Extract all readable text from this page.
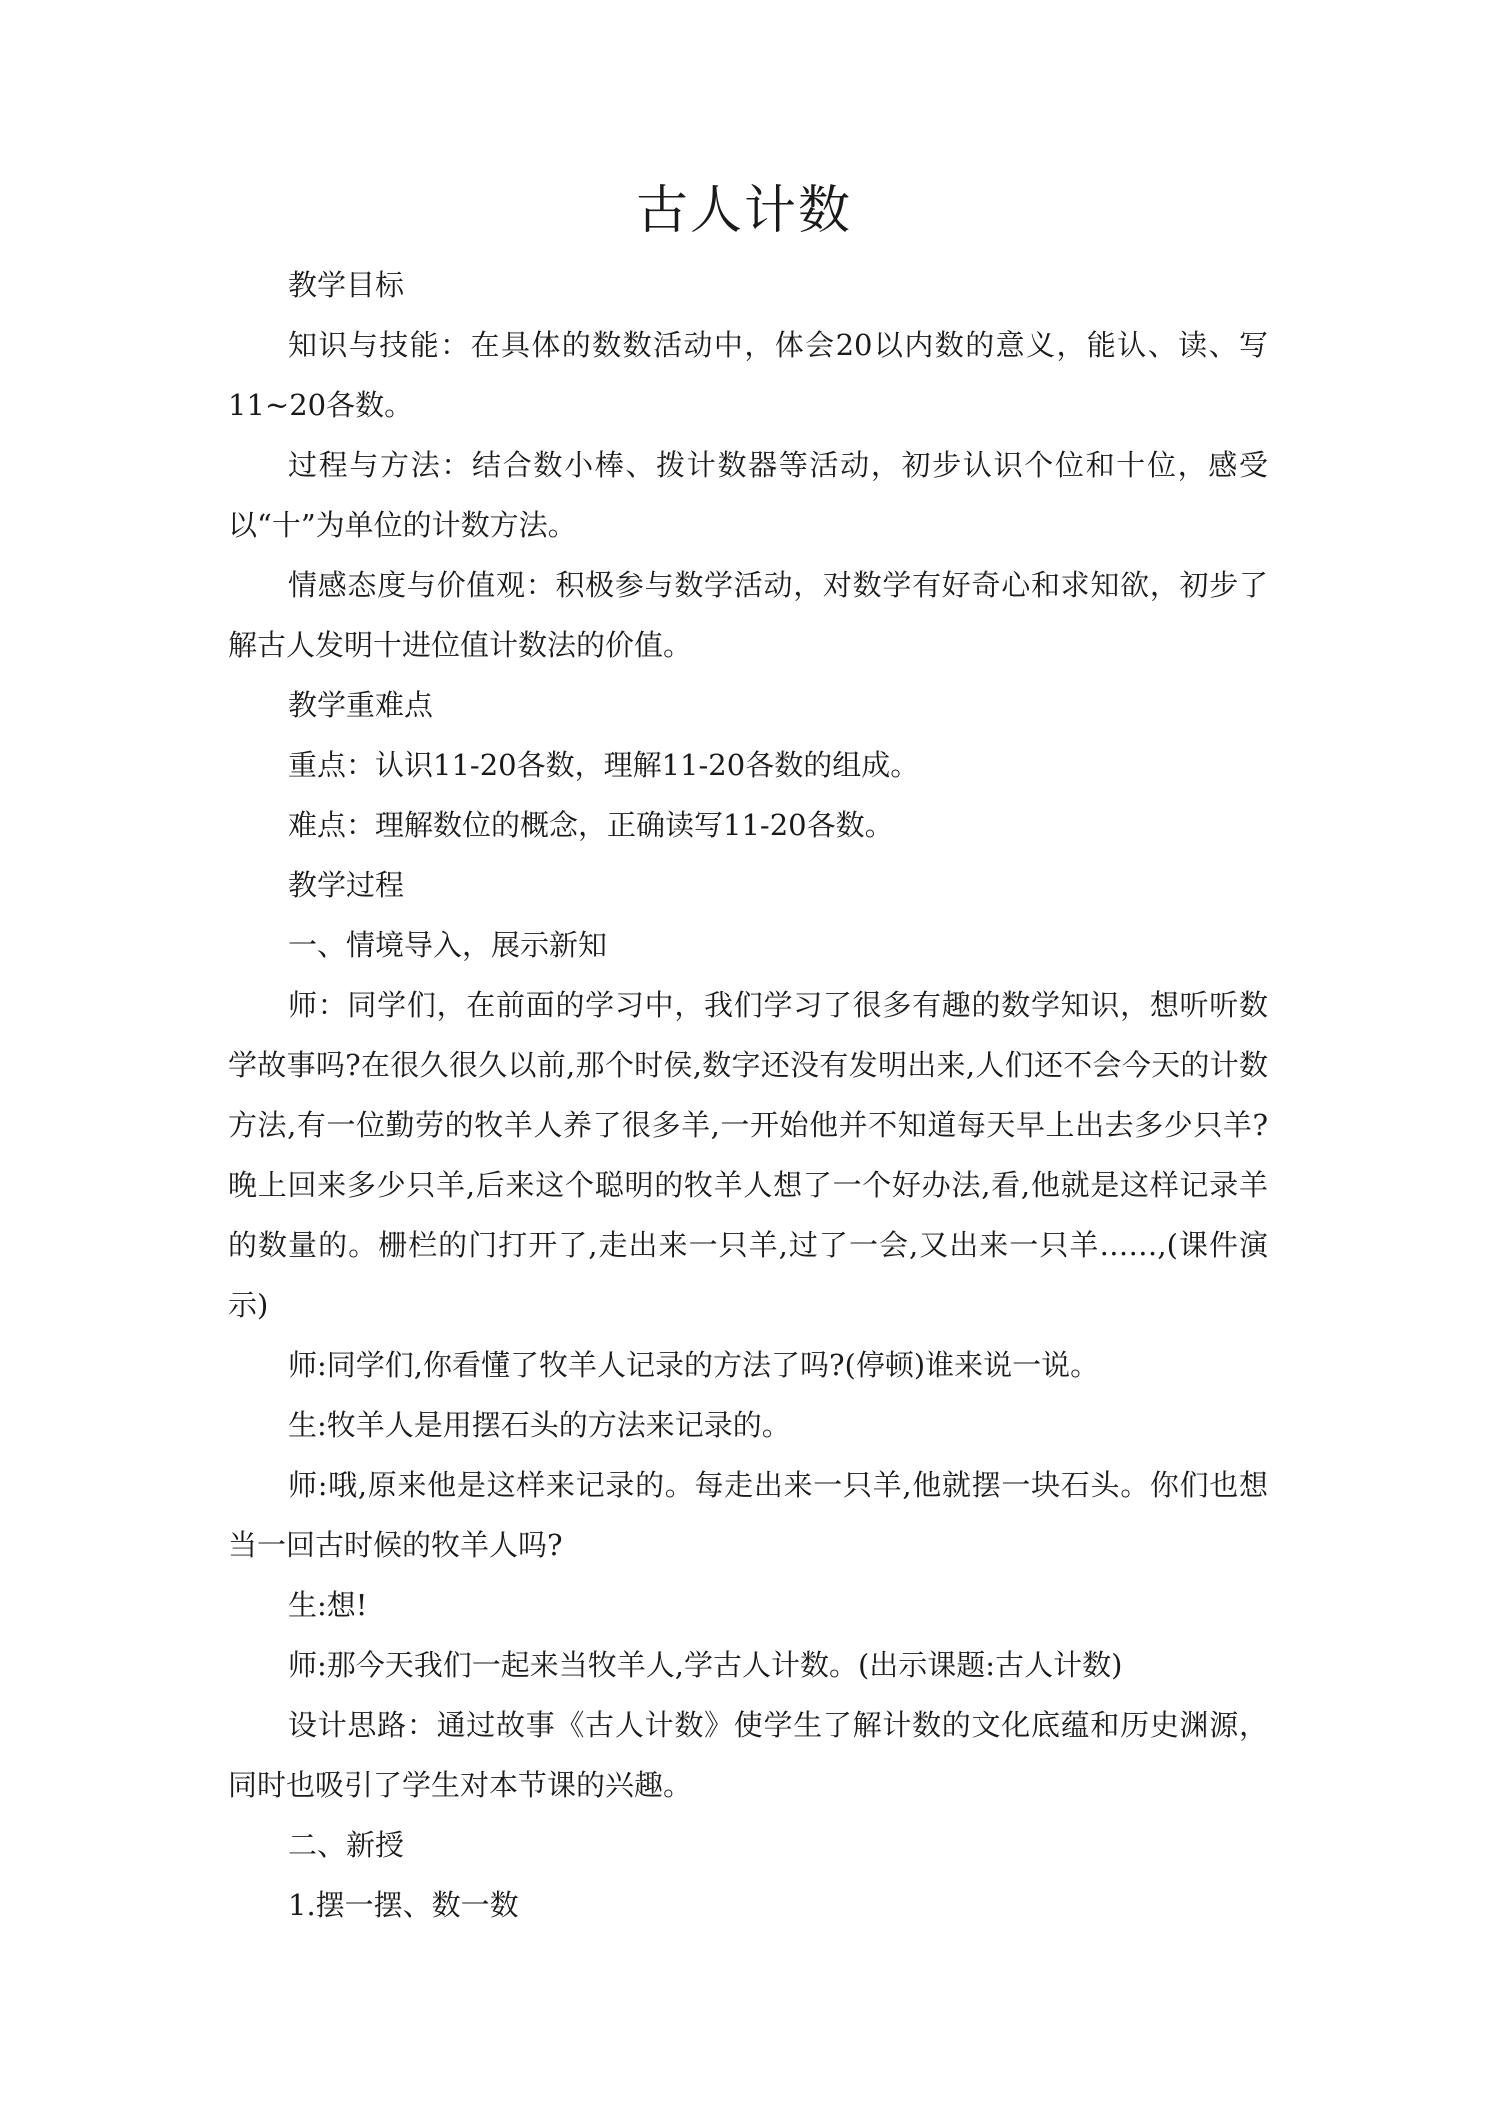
古人计数

教学目标

知识与技能：在具体的数数活动中，体会20以内数的意义，能认、读、写11~20各数。

过程与方法：结合数小棒、拨计数器等活动，初步认识个位和十位，感受以“十”为单位的计数方法。

情感态度与价值观：积极参与数学活动，对数学有好奇心和求知欲，初步了解古人发明十进位值计数法的价值。

教学重难点

重点：认识11-20各数，理解11-20各数的组成。

难点：理解数位的概念，正确读写11-20各数。

教学过程

一、情境导入，展示新知

师：同学们，在前面的学习中，我们学习了很多有趣的数学知识，想听听数学故事吗?在很久很久以前,那个时侯,数字还没有发明出来,人们还不会今天的计数方法,有一位勤劳的牧羊人养了很多羊,一开始他并不知道每天早上出去多少只羊?晚上回来多少只羊,后来这个聪明的牧羊人想了一个好办法,看,他就是这样记录羊的数量的。栅栏的门打开了,走出来一只羊,过了一会,又出来一只羊……,(课件演示)

师:同学们,你看懂了牧羊人记录的方法了吗?(停顿)谁来说一说。

生:牧羊人是用摆石头的方法来记录的。

师:哦,原来他是这样来记录的。每走出来一只羊,他就摆一块石头。你们也想当一回古时候的牧羊人吗?

生:想!

师:那今天我们一起来当牧羊人,学古人计数。(出示课题:古人计数)

设计思路：通过故事《古人计数》使学生了解计数的文化底蕴和历史渊源，同时也吸引了学生对本节课的兴趣。

二、新授

1.摆一摆、数一数
